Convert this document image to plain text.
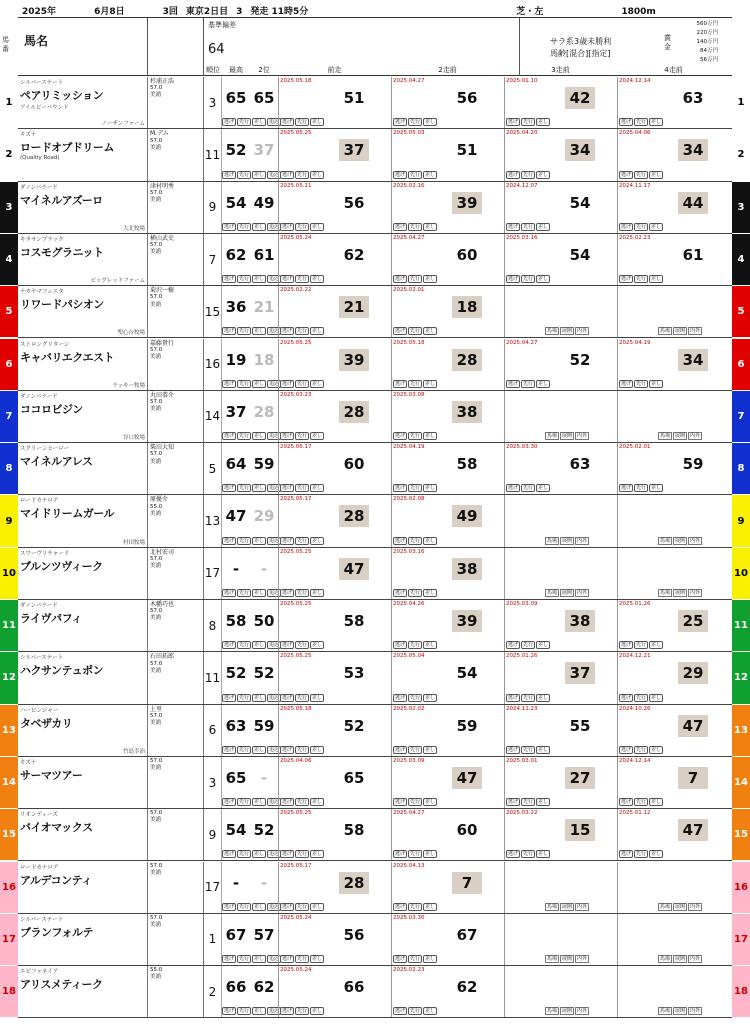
2025年	6月8日	3回 東京2日目 3 発走 11時5分	芝・左	1800m
馬番
馬名
基準偏差
64
サラ系3歳未勝利
馬齢[混合][指定]
賞金
560万円
220万円
140万円
84万円
56万円
順位	最高	2位	前走	2走前	3走前	4走前
1	1
シルバーステート
ペアリミッション
アイルビーバウンド
ノーザンファーム
杉浦正浩
57.0
美浦
3 65 65
逃げ	先行	差し	追込
2025.05.18
51
逃げ	先行	差し
2025.04.27
56
逃げ	先行	差し
2025.01.10
42
逃げ	先行	差し
2024.12.14
63
逃げ	先行	差し
2	2
キズナ
ロードオブドリーム
(Quality Road)
M.デム
57.0
美浦
11 52 37
逃げ	先行	差し	追込
2025.05.25
37
逃げ	先行	差し
2025.05.03
51
逃げ	先行	差し
2025.04.20
34
逃げ	先行	差し
2025.04.06
34
逃げ	先行	差し
3	3
ダノンバラード
マイネルアズーロ
大北牧場
津村明秀
57.0
美浦
9 54 49
逃げ	先行	差し	追込
2025.05.11
56
逃げ	先行	差し
2025.02.16
39
逃げ	先行	差し
2024.12.07
54
逃げ	先行	差し
2024.11.17
44
逃げ	先行	差し
4	4
キタサンブラック
コスモグラニット
ビッグレッドファーム
横山武史
57.0
美浦
7 62 61
逃げ	先行	差し	追込
2025.05.24
62
逃げ	先行	差し
2025.04.27
60
逃げ	先行	差し
2025.03.16
54
逃げ	先行	差し
2025.02.23
61
逃げ	先行	差し
5	5
ナカヤマフェスタ
リワードパシオン
聖心台牧場
菊沢一樹
57.0
美浦
15 36 21
逃げ	先行	差し	追込
2025.02.22
21
逃げ	先行	差し
2025.02.01
18
逃げ	先行	差し	馬場	展開	内外	馬場	展開	内外
6	6
ストロングリターン
キャバリエクエスト
ラッキー牧場
嘉藤貴行
57.0
美浦
16 19 18
逃げ	先行	差し	追込
2025.05.25
39
逃げ	先行	差し
2025.05.18
28
逃げ	先行	差し
2025.04.27
52
逃げ	先行	差し
2025.04.19
34
逃げ	先行	差し
7	7
ダノンバラード
ココロビジン
谷口牧場
丸田恭介
57.0
美浦
14 37 28
逃げ	先行	差し	追込
2025.03.23
28
逃げ	先行	差し
2025.03.08
38
逃げ	先行	差し	馬場	展開	内外	馬場	展開	内外
8	8
スクリーンヒーロー
マイネルアレス
柴田大知
57.0
美浦
5 64 59
逃げ	先行	差し	追込
2025.05.17
60
逃げ	先行	差し
2025.04.19
58
逃げ	先行	差し
2025.03.30
63
逃げ	先行	差し
2025.02.01
59
逃げ	先行	差し
9	9
ロードカナロア
マイドリームガール
村田牧場
原優介
55.0
美浦
13 47 29
逃げ	先行	差し	追込
2025.05.17
28
逃げ	先行	差し
2025.02.08
49
逃げ	先行	差し	馬場	展開	内外	馬場	展開	内外
10	10
スワーヴリチャード
ブルンツヴィーク
北村宏司
57.0
美浦
17 -	-
逃げ	先行	差し	追込
2025.05.25
47
逃げ	先行	差し
2025.03.16
38
逃げ	先行	差し	馬場	展開	内外	馬場	展開	内外
11	11
ダノンバラード
ライヴパフィ
木幡巧也
57.0
美浦
8 58 50
逃げ	先行	差し	追込
2025.05.25
58
逃げ	先行	差し
2025.04.26
39
逃げ	先行	差し
2025.03.09
38
逃げ	先行	差し
2025.01.26
25
逃げ	先行	差し
12	12
シルバーステート
ハクサンテュポン
石田拓郎
57.0
美浦
11 52 52
逃げ	先行	差し	追込
2025.05.25
53
逃げ	先行	差し
2025.05.04
54
逃げ	先行	差し
2025.01.26
37
逃げ	先行	差し
2024.12.21
29
逃げ	先行	差し
13	13
ハービンジャー
タベザカリ
竹島幸治
上里
57.0
美浦
6 63 59
逃げ	先行	差し	追込
2025.05.18
52
逃げ	先行	差し
2025.02.02
59
逃げ	先行	差し
2024.11.23
55
逃げ	先行	差し
2024.10.26
47
逃げ	先行	差し
14	14
キズナ
サーマツアー
57.0
美浦
3 65 -
逃げ	先行	差し	追込
2025.04.06
65
逃げ	先行	差し
2025.03.09
47
逃げ	先行	差し
2025.03.01
27
逃げ	先行	差し
2024.12.14
7
逃げ	先行	差し
15	15
リオンディーズ
バイオマックス
57.0
美浦
9 54 52
逃げ	先行	差し	追込
2025.05.25
58
逃げ	先行	差し
2025.04.27
60
逃げ	先行	差し
2025.03.22
15
逃げ	先行	差し
2025.01.12
47
逃げ	先行	差し
16	16
ロードカナロア
アルデコンティ
57.0
美浦
17 -	-
逃げ	先行	差し	追込
2025.05.17
28
逃げ	先行	差し
2025.04.13
7
逃げ	先行	差し	馬場	展開	内外	馬場	展開	内外
17	17
シルバーステート
ブランフォルテ
57.0
美浦
1 67 57
逃げ	先行	差し	追込
2025.05.24
56
逃げ	先行	差し
2025.03.30
67
逃げ	先行	差し	馬場	展開	内外	馬場	展開	内外
18	18
エピファネイア
アリスメティーク
55.0
美浦
2 66 62
逃げ	先行	差し	追込
2025.05.24
66
逃げ	先行	差し
2025.02.23
62
逃げ	先行	差し	馬場	展開	内外	馬場	展開	内外
